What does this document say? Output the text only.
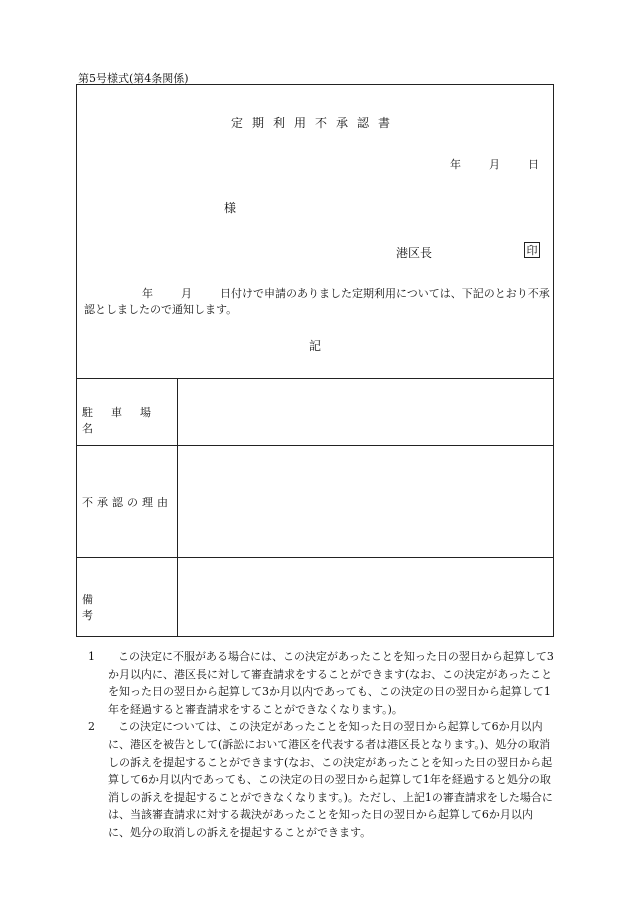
第5号様式(第4条関係)
定期利用不承認書
年	月	日
様
港区長	印
年	月	日付けで申請のありました定期利用については、下記のとおり不承認としましたので通知します。
記
駐車場名
不承認の理由
備考
1	この決定に不服がある場合には、この決定があったことを知った日の翌日から起算して3か月以内に、港区長に対して審査請求をすることができます(なお、この決定があったことを知った日の翌日から起算して3か月以内であっても、この決定の日の翌日から起算して1年を経過すると審査請求をすることができなくなります。)。
2	この決定については、この決定があったことを知った日の翌日から起算して6か月以内に、港区を被告として(訴訟において港区を代表する者は港区長となります。)、処分の取消しの訴えを提起することができます(なお、この決定があったことを知った日の翌日から起算して6か月以内であっても、この決定の日の翌日から起算して1年を経過すると処分の取消しの訴えを提起することができなくなります。)。ただし、上記1の審査請求をした場合には、当該審査請求に対する裁決があったことを知った日の翌日から起算して6か月以内に、処分の取消しの訴えを提起することができます。
